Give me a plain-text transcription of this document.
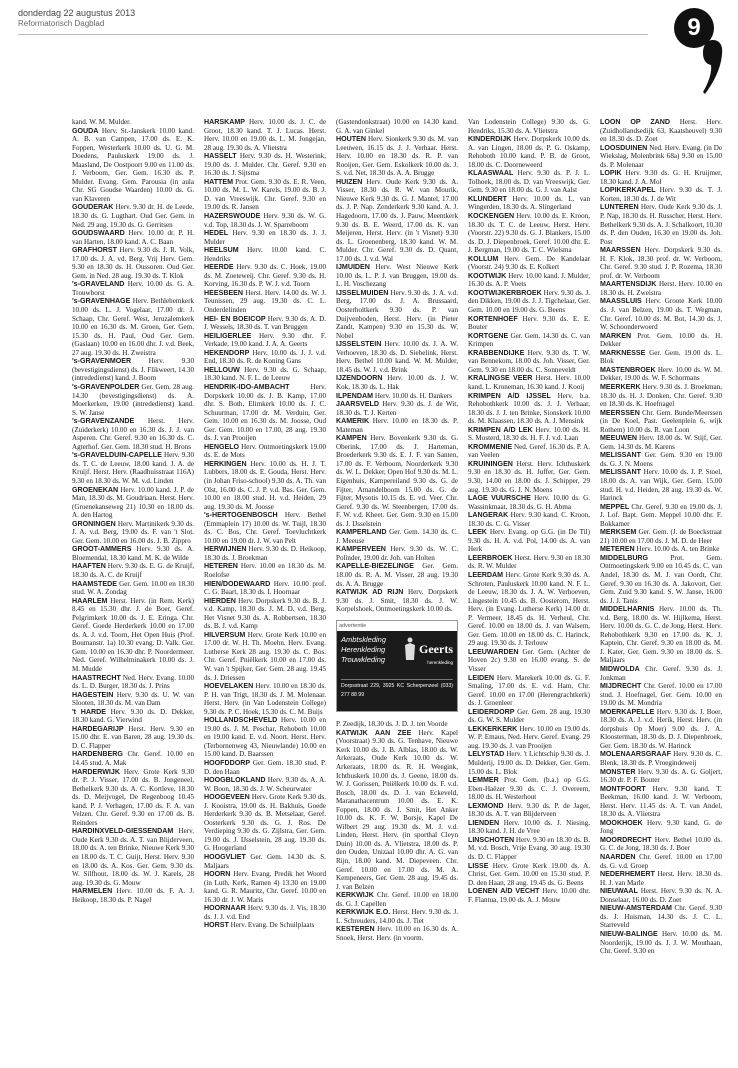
donderdag 22 augustus 2013
Reformatorisch Dagblad	9

kand. W. M. Mulder.

GOUDA Herv. St.-Janskerk 10.00 kand. A. B. van Campen, 17.00 ds. E. K. Foppen, Westerkerk 10.00 ds. U. G. M. Doedens, Pauluskerk 19.00 ds. J. Maasland, De Oostpoort 9.00 en 11.00 ds. J. Verboom, Ger. Gem. 16.30 ds. P. Mulder. Evang. Gem. Parousia (in aula Chr. SG Goudse Waarden) 10.00 ds. G. van Klaveren

GOUDERAK Herv. 9.30 dr. H. de Leede, 18.30 ds. G. Lugthart. Oud Ger. Gem. in Ned. 29 aug. 19.30 ds. G. Gerritsen

GOUDSWAARD Herv. 10.00 dr. P. H. van Harten, 18.00 kand. A. C. Baan

GRAFHORST Herv. 9.30 ds. J. R. Volk, 17.00 ds. J. A. vd. Berg. Vrij Herv. Gem. 9.30 en 18.30 ds. H. Oussoren. Oud Ger. Gem. in Ned. 28 aug. 19.30 ds. T. Klok

's-GRAVELAND Herv. 10.00 ds. G. A. Trouwborst

's-GRAVENHAGE Herv. Bethlehemkerk 10.00 ds. L. J. Vogelaar, 17.00 dr. J. Schaap, Chr. Geref. West, Jeruzalemkerk 10.00 en 16.30 ds. M. Groen, Ger. Gem. 15.30 ds. H. Paul, Oud Ger. Gem. (Gaslaan) 10.00 en 16.00 dhr. J. v.d. Beek, 27 aug. 19.30 ds. H. Zweistra

's-GRAVENMOER Herv. 9.30 (bevestigingsdienst) ds. J. Flikweert, 14.30 (intrededienst) kand. J. Boom

's-GRAVENPOLDER Ger. Gem. 28 aug. 14.30 (bevestigingsdienst) ds. A. Moerkerken, 19.00 (intrededienst) kand. S. W. Janse

's-GRAVENZANDE Herst. Herv. (Zuiderkerk) 10.00 en 16.30 ds. J. J. van Asperen. Chr. Geref. 9.30 en 16.30 ds. C. Agterhof. Ger. Gem. 18.30 stud. H. Brons

's-GRAVELDUIN-CAPELLE Herv. 9.30 ds. T. C. de Leeuw, 18.00 kand. J. A. de Kruijf. Herst. Herv. (Raadhuisstraat 116A) 9.30 en 18.30 ds. W. M. v.d. Linden

GROENEKAN Herv. 10.00 kand. J. P. de Man, 18.30 ds. M. Goudriaan. Herst. Herv. (Groenekanseweg 21) 10.30 en 18.00 ds. A. den Hartog

GRONINGEN Herv. Martinikerk 9.30 ds. J. A. v.d. Berg, 19.00 ds. F. van 't Slot. Ger. Gem. 10.00 en 16.00 ds. J. B. Zippro

GROOT-AMMERS Herv. 9.30 ds. A. Bloemendal, 18.30 kand. M. K. de Wilde

HAAFTEN Herv. 9.30 ds. E. G. de Kruijf, 18.30 ds. A. C. de Kruijf

HAAMSTEDE Ger. Gem. 10.00 en 18.30 stud. W. A. Zondag

HAARLEM Herst. Herv. (in Rem. Kerk) 8.45 en 15.30 dhr. J. de Boer, Geref. Pelgrimkerk 10.00 ds. J. E. Eringa. Chr. Geref. Goede Herderkerk 10.00 en 17.00 ds. A. J. v.d. Toorn, Het Open Huis (Prof. Boumanstr. 1a) 10.30 evang. D. Valk. Ger. Gem. 10.00 en 16.30 dhr. P. Noordermeer. Ned. Geref. Wilhelminakerk 10.00 ds. J. M. Mudde

HAASTRECHT Ned. Herv. Evang. 10.00 ds. L. D. Burger, 18.30 ds. J. Prins

HAGESTEIN Herv. 9.30 ds. U. W. van Slooten, 18.30 ds. M. van Dam

't HARDE Herv. 9.30 ds. D. Dekker, 18.30 kand. G. Vierwind

HARDEGARIJP Herst. Herv. 9.30 en 15.00 dhr. E. van Baren, 28 aug. 19.30 ds. D. C. Flapper

HARDENBERG Chr. Geref. 10.00 en 14.45 stud. A. Mak

HARDERWIJK Herv. Grote Kerk 9.30 dr. P. J. Visser, 17.00 ds. B. Jongeneel, Bethelkerk 9.30 ds. A. C. Kortleve, 18.30 ds. D. Meijvogel, De Regenboog 10.45 kand. P. J. Verhagen, 17.00 ds. F. A. van Velzen. Chr. Geref. 9.30 en 17.00 ds. B. Reinders

HARDINXVELD-GIESSENDAM Herv. Oude Kerk 9.30 ds. A. T. van Blijderveen, 18.00 ds. A. ten Brinke, Nieuwe Kerk 9.30 en 18.00 ds. T. C. Guijt, Herst. Herv. 9.30 en 18.00 ds. A. Kos. Ger. Gem. 9.30 ds. W. Silfhout, 18.00 ds. W. J. Karels, 28 aug. 19.30 ds. G. Mouw

HARMELEN Herv. 10.00 ds. F. A. J. Heikoop, 18.30 ds. P. Nagel

HARSKAMP Herv. 10.00 ds. J. C. de Groot, 18.30 kand. T. J. Lucas. Herst. Herv. 10.00 en 19.00 ds. L. M. Jongejan, 28 aug. 19.30 ds. A. Vlietstra

HASSELT Herv. 9.30 ds. H. Westerink, 19.00 ds. J. Mulder. Chr. Geref. 9.30 en 16.30 ds. J. Sijtsma

HATTEM Prot. Gem. 9.30 ds. E. R. Veen, 10.00 ds. M. L. W. Karels, 19.00 ds. B. J. D. van Vreeswijk. Chr. Geref. 9.30 en 19.00 ds. R. Jansen

HAZERSWOUDE Herv. 9.30 ds. W. G. v.d. Top, 18.30 ds. J. W. Sparreboom

HEDEL Herv. 9.30 en 18.30 ds. J. J. Mulder

HEELSUM Herv. 10.00 kand. C. Hendriks

HEERDE Herv. 9.30 ds. C. Hoek, 19.00 ds. M. Zoeteweij. Chr. Geref. 9.30 ds. H. Korving, 16.30 ds. P. W. J. v.d. Toorn

HEESBEEN Herst. Herv. 14.00 ds. W. J. Teunissen, 29 aug. 19.30 ds. C. L. Onderdelinden

HEI- EN BOEICOP Herv. 9.30 ds. A. D. J. Wessels, 18.30 ds. T. van Bruggen

HEILIGERLEE Herv. 9.30 dhr. F. Verkade, 19.00 kand. J. A. A. Geerts

HEKENDORP Herv. 10.00 ds. J. J. v.d. End, 18.30 ds. R. de Koning Gans

HELLOUW Herv. 9.30 ds. G. Schaap, 18.30 kand. N. F. L. de Leeuw

HENDRIK-IDO-AMBACHT	Herv. Dorpskerk 10.00 ds. J. B. Kamp, 17.00 dhr. S. Both, Elimkerk 10.00 ds. J. C. Schuurman, 17.00 dr. M. Verduin, Ger. Gem. 10.00 en 16.30 ds. M. Joosse, Oud Ger. Gem. 10.00 en 17.00, 28 aug. 19.30 ds. J. van Prooijen

HENGELO Herv. Ontmoetingskerk 19.00 ds. E. de Mots

HERKINGEN Herv. 10.00 ds. H. J. T. Lubbers, 18.00 ds. E. Gouda, Herst. Herv. (in Johan Friso-school) 9.30 ds. A. Th. van Olst, 16.00 ds. C. J. P. v.d. Bas. Ger. Gem. 10.00 en 18.00 stud. H. v.d. Heiden, 29 aug. 19.30 ds. M. Joosse

's-HERTOGENBOSCH Herv. Bethel (Emmaplein 17) 10.00 ds. W. Tuijl, 18.30 ds. C. Bos, Chr. Geref. Toevluchtkerk 10.00 en 19.00 dr. J. W. van Pelt

HERWIJNEN Herv. 9.30 ds. D. Heikoop, 18.30 ds. J. Broekman

HETEREN Herv. 10.00 en 18.30 ds. M. Roelofse

HIEN/DODEWAARD Herv. 10.00 prof. C. G. Baart, 18.30 ds. I. Hoornaar

HIERDEN Herv. Dorpskerk 9.30 ds. B. J. v.d. Kamp, 18.30 ds. J. M. D. v.d. Berg, Het Visnet 9.30 ds. A. Robbertsen, 18.30 ds. B. J. v.d. Kamp

HILVERSUM Herv. Grote Kerk 10.00 en 17.00 dr. W. H. Th. Moehn. Herv. Evang. Lutherse Kerk 28 aug. 19.30 ds. C. Bos. Chr. Geref. Pniëlkerk 10.00 en 17.00 ds. W. van 't Spijker, Ger. Gem. 28 aug. 19.45 ds. J. Driessen

HOEVELAKEN Herv. 10.00 en 18.30 ds. P. H. van Trigt, 18.30 ds. J. M. Molenaar. Herst. Herv. (in Van Lodenstein College) 9.30 ds. P. C. Hoek, 15.30 ds. C. M. Buijs

HOLLANDSCHEVELD Herv. 10.00 en 19.00 ds. J. M. Peschar, Rehoboth 10.00 en 19.00 kand. E. v.d. Noort. Herst. Herv. (Terbornenweg 43, Nieuwlande) 10.00 en 15.00 kand. D. Baarssen

HOOFDDORP Ger. Gem. 18.30 stud. P. D. den Haan

HOOGBLOKLAND Herv. 9.30 ds. A. A. W. Boon, 18.30 ds. J. W. Scheurwater

HOOGEVEEN Herv. Grote Kerk 9.30 ds. J. Kooistra, 19.00 ds. H. Bakhuis, Goede Herderkerk 9.30 ds. B. Metselaar, Geref. Oosterkerk 9.30 ds. G. J. Ros. De Verdieping 9.30 ds. G. Zijlstra, Ger. Gem. 19.00 ds. J. IJsselstein, 28 aug. 19.30 ds. G. Hoogerland

HOOGVLIET Ger. Gem. 14.30 ds. S. Maljaars

HOORN Herv. Evang. Predik het Woord (in Luth. Kerk, Ramen 4) 13.30 en 19.00 kand. G. R. Mauritz, Chr. Geref. 10.00 en 16.30 dr. J. W. Maris

HOORNAAR Herv. 9.30 ds. J. Vis, 18.30 ds. J. J. v.d. End

HORST Herv. Evang. De Schuilplaats

(Gastendonkstraat) 10.00 en 14.30 kand. G. A. van Ginkel

HOUTEN Herv. Sionkerk 9.30 ds. M. van Leeuwen, 16.15 ds. J. J. Verhaar. Herst. Herv. 10.00 en 18.30 ds. R. P. van Rooijen, Ger. Gem. Eskolkerk 10.00 ds. J. S. v.d. Net, 18.30 ds. A. A. Brugge

HUIZEN Herv. Oude Kerk 9.30 ds. A. Visser, 18.30 ds. R. W. van Mourik, Nieuwe Kerk 9.30 ds. G. J. Mantel, 17.00 ds. J. P. Nap. Zenderkerk 9.30 kand. A. J. Hagedoorn, 17.00 ds. J. Pauw, Meentkerk 9.30 ds. B. E. Weerd, 17.00 ds. K. van Meijeren, Herst. Herv. (in 't Visnet) 9.30 ds. L. Groenenberg, 18.30 kand. W. M. Mulder. Chr. Geref. 9.30 ds. D. Quant, 17.00 ds. J. v.d. Wal

IJMUIDEN Herv. West Nieuwe Kerk 10.00 ds. L. P. J. van Bruggen, 19.00 ds. L. H. Voschezang

IJSSELMUIDEN Herv. 9.30 ds. J. A. v.d. Berg, 17.00 ds. J. A. Brussaard, Oosterholtkerk 9.30 ds. P. van Duijvenboden, Herst. Herv. (in Pieter Zandt, Kampen) 9.30 en 15.30 ds. W. Nobel

IJSSELSTEIN Herv. 10.00 ds. J. A. W. Verhoeven, 18.30 ds. D. Siebelink, Herst. Herv. Bethel 10.00 kand. W. M. Mulder, 18.45 ds. W. J. v.d. Brink

IJZENDOORN Herv. 10.00 ds. J. W. Kok, 18.30 ds. L. Hak

ILPENDAM Herv. 10.00 ds. H. Dankers

JAARSVELD Herv. 9.30 ds. J. de Wit, 18.30 ds. T. J. Kerten

KAMERIK Herv. 10.00 en 18.30 ds. P. Mateman

KAMPEN Herv. Bovenkerk 9.30 ds. G. Oberink, 17.00 ds. J. Harteman, Broederkerk 9.30 ds. E. J. F. van Santen, 17.00 ds. F. Verboom, Noorderkerk 9.30 ds. W. L. Dekker, Open Hof 9.30 ds. M. L. Eigenhuis, Kampereiland 9.30 ds. G. de Fijter, Amandelboom 15.00 ds. G. de Fijter, Mysotis 10.15 ds. E. vd. Veer. Chr. Geref. 9.30 ds. W. Steenbergen, 17.00 ds. F. W. v.d. Kheet. Ger. Gem. 9.30 en 15.00 ds. J. IJsselstein

KAMPERLAND Ger. Gem. 14.30 ds. C. J. Meeuse

KAMPERVEEN Herv. 9.30 ds. W. C. Polinder, 19.00 dr. Joh. van Holten

KAPELLE-BIEZELINGE Ger. Gem. 18.00 ds. R. A. M. Visser, 28 aug. 19.30 ds. A. A. Brugge

KATWIJK AD RIJN Herv. Dorpskerk 9.30 ds. J. Smit, 18.30 ds. J. W. Korpelshoek, Ontmoetingskerk 10.00 ds.

advertentie
Ambtskleding
Herenkleding
Trouwkleding
Geerts
herenkleding
Dorpsstraat 229, 3925 KC Scherpenzeel (033) 277 88 99

P. Zeedijk, 18.30 ds. J. D. J. ten Voorde

KATWIJK AAN ZEE Herv. Kapel (Voorstraat) 9.30 ds. G. Tenhave, Nieuwe Kerk 10.00 ds. J. B. Alblas, 18.00 ds. W. Arkeraats, Oude Kerk 10.00 ds. W. Arkeraats, 18.00 ds. R. H. Weegink, Ichthuskerk 10.00 ds. J. Geene, 18.00 ds. W. J. Gorissen, Pniëlkerk 10.00 ds. F. v.d. Bosch, 18.00 ds. D. J. van Eckeveld, Maranathacentrum 10.00 ds. E. K. Foppen, 18.00 ds. J. Smit, Het Anker 10.00 ds. K. F. W. Borsje, Kapel De Wilbert 29 aug. 19.30 ds. M. J. v.d. Linden, Herst. Herv. (in sporthal Cleyn Duin) 10.00 ds. A. Vlietstra, 18.00 ds. P. den Ouden, Unizaal 10.00 dhr. A. G. van Rijn, 18.00 kand. M. Diepeveen. Chr. Geref. 10.00 en 17.00 ds. M. A. Kempeneers, Ger. Gem. 28 aug. 19.45 ds. J. van Belzen

KERKWIJK Chr. Geref. 10.00 en 18.00 ds. G. J. Capellen

KERKWIJK E.O. Herst. Herv. 9.30 ds. J. L. Schreuders, 14.00 ds. J. Tiet

KESTEREN Herv. 10.00 en 16.30 ds. A. Snoek, Herst. Herv. (in voorm.

Van Lodenstein College) 9.30 ds. G. Hendriks, 15.30 ds. A. Vlietstra

KINDERDIJK Herv. Dorpskerk 10.00 ds. A. van Lingen, 18.00 ds. P. G. Oskamp, Rehoboth 10.00 kand. P. B. de Groot, 18.00 ds. C. Doorneweerd

KLAASWAAL Herv. 9.30 ds. P. J. L. Tolhoek, 18.00 ds. D. van Vreeswijk, Ger. Gem. 9.30 en 18.00 ds. G. J. van Aalst

KLUNDERT Herv. 10.00 ds. L. van Wingerden, 18.30 ds. A. Slingerland

KOCKENGEN Herv. 10.00 ds. E. Kroon, 18.30 ds. T. C. de Leeuw, Herst. Herv. (Voorstr. 22) 9.30 ds. G. J. Blankers, 15.00 ds. D. J. Diepenbroek, Geref. 10.00 dhr. E. J. Bergman, 19.00 ds. T. C. Wielsma

KOLLUM Herv. Gem. De Kandelaar (Voorstr. 24) 9.30 ds. E. Kolkert

KOOTWIJK Herv. 10.00 kand. J. Mulder, 16.30 ds. A. P. Voets

KOOTWIJKERBROEK Herv. 9.30 ds. J. den Dikken, 19.00 ds. J. J. Tigchelaar, Ger. Gem. 10.00 en 19.00 ds. G. Beens

KORTENHOEF Herv. 9.30 ds. E. E. Bouter

KORTGENE Ger. Gem. 14.30 ds. C. van Krimpen

KRABBENDIJKE Herv. 9.30 ds. T. W. van Bennekom, 18.00 ds. Joh. Visser, Ger. Gem. 9.30 en 18.00 ds. C. Sonneveldt

KRALINGSE VEER Herst. Herv. 10.00 kand. L. Kroneman, 16.30 kand. J. Kooij

KRIMPEN A/D IJSSEL Herv. b.a. Rehobothkerk 10.00 ds. J. J. Verhaar, 18.30 ds. J. J. ten Brinke, Sionskerk 10.00 ds. M. Klaassen, 18.30 ds. A. J. Mensink

KRIMPEN A/D LEK Herv. 10.00 ds. H. S. Mosterd, 18.30 ds. H. F. J. v.d. Laan

KROMMENIE Ned. Geref. 16.30 ds. P. A. van Veelen

KRUININGEN Herst. Herv. Ichthuskerk 9.30 en 18.30 ds. H. Juffer, Ger. Gem. 9.30, 14.00 en 18.00 ds. J. Schipper, 29 aug. 19.30 ds. G. J. N. Moens

LAGE VUURSCHE Herv. 10.00 ds. G. Wassinkmaat, 18.30 ds. G. H. Abma

LANGERAK Herv. 9.30 kand. C. Kroon, 18.30 ds. C. G. Visser

LEEK Herv. Evang. op G.G. (in De Til) 9.30 ds. H. A. v.d. Pol, 14.00 ds. A. van Herk

LEERBROEK Herst. Herv. 9.30 en 18.30 ds. R. W. Mulder

LEERDAM Herv. Grote Kerk 9.30 ds. A. Schroten, Pauluskerk 10.00 kand. N. F. L. de Leeuw, 18.30 ds. J. A. W. Verhoeven, Lingestein 10.45 ds. B. Oosterom, Herst. Herv. (in Evang. Lutherse Kerk) 14.00 dr. P. Vermeer, 18.45 ds. H. Verheul, Chr. Geref. 10.00 en 18.00 ds. J. van Walsem, Ger. Gem. 10.00 en 18.00 ds. C. Harinck, 29 aug. 19.30 ds. J. Terlouw

LEEUWARDEN Ger. Gem. (Achter de Hoven 2c) 9.30 en 16.00 evang. S. de Visser

LEIDEN Herv. Marekerk 10.00 ds. G. F. Smaling, 17.00 ds. E. v.d. Ham, Chr. Geref. 10.00 en 17.00 (Herengrachtkerk) ds. J. Groenleer

LEIDERDORP Ger. Gem. 28 aug. 19.30 ds. G. W. S. Mulder

LEKKERKERK Herv. 10.00 en 19.00 ds. W. P. Emaus, Ned. Herv. Geref. Evang. 29 aug. 19.30 ds. J. van Prooijen

LELYSTAD Herv. 't Lichtschip 9.30 ds. J. Mulderij, 19.00 ds. D. Dekker, Ger. Gem. 15.00 ds. L. Blok

LEMMER Prot. Gem. (b.a.) op G.G. Eben-Haëzer 9.30 ds. C. J. Overeem, 18.00 ds. H. Westerhout

LEXMOND Herv. 9.30 ds. P. de Jager, 18.30 ds. A. T. van Blijderveen

LIENDEN Herv. 10.00 ds. J. Niesing, 18.30 kand. J. H. de Vree

LINSCHOTEN Herv. 9.30 en 18.30 ds. B. M. v.d. Bosch, Vrije Evang. 30 aug. 19.30 ds. D. C. Flapper

LISSE Herv. Grote Kerk 19.00 ds. A. Christ, Ger. Gem. 10.00 en 15.30 stud. P. D. den Haan, 28 aug. 19.45 ds. G. Beens

LOENEN A/D VECHT Herv. 10.00 dhr. F. Flantua, 19.00 ds. A. J. Mouw

LOON OP ZAND Herst. Herv. (Zuidhollandsedijk 63, Kaatsheuvel) 9.30 en 18.30 ds. D. Zoet

LOOSDUINEN Ned. Herv. Evang. (in De Wiekslag, Molenbrink 68a) 9.30 en 15.00 ds. P. Molenaar

LOPIK Herv. 9.30 ds. G. H. Kruijmer, 18.30 kand. J. A. Mol

LOPIKERKAPEL Herv. 9.30 ds. T. J. Korten, 18.30 ds. J. de Wit

LUNTEREN Herv. Oude Kerk 9.30 ds. J. P. Nap, 18.30 ds. H. Russcher, Herst. Herv. Bethelkerk 9.30 ds. A. J. Schalkoort, 10.30 ds. P. den Ouden, 16.30 en 19.00 ds. Joh. Post

MAARSSEN Herv. Dorpskerk 9.30 ds. H. F. Klok, 18.30 prof. dr. W. Verboom, Chr. Geref. 9.30 stud. J. P. Rozema, 18.30 prof. dr. W. Verboom

MAARTENSDIJK Herst. Herv. 10.00 en 18.30 ds. H. Zweistra

MAASSLUIS Herv. Groote Kerk 10.00 ds. J. van Belzen, 19.00 ds. T. Wegman, Chr. Geref. 10.00 ds. M. Bot, 14.30 ds. J. W. Schoonderwoerd

MARKEN Prot. Gem. 10.00 ds. H. Dekker

MARKNESSE Ger. Gem. 19.00 ds. L. Blok

MASTENBROEK Herv. 10.00 ds. W. M. Dekker, 19.00 ds. W. F. Schormans

MEERKERK Herv. 9.30 ds. J. Broekman, 18.30 ds. H. J. Donken, Chr. Geref. 9.30 en 18.30 ds. K. Hoefnagel

MEERSSEN Chr. Gem. Bunde/Meerssen (in De Koel, Past. Geelenplein 6, wijk Rothem) 10.00 ds. R. van Loon

MEEUWEN Herv. 18.00 ds. W. Stijf, Ger. Gem. 14.30 ds. M. Karens

MELISSANT Ger. Gem. 9.30 en 19.00 ds. G. J. N. Moens

MELISSANT Herv. 10.00 ds. J. P. Stoel, 18.00 ds. A. van Wijk, Ger. Gem. 15.00 stud. H. v.d. Heiden, 28 aug. 19.30 ds. W. Harinck

MEPPEL Chr. Geref. 9.30 en 19.00 ds. J. J. Lof. Bapt. Gem. Meppel 10.00 dhr. F. Bokkamer

MERKSEM Ger. Gem. (J. de Boeckstraat 21) 10.00 en 17.00 ds. J. M. D. de Heer

METEREN Herv. 10.00 ds. A. ten Brinke

MIDDELBURG	Prot. Gem. Ontmoetingskerk 9.00 en 10.45 ds. C. van Andel, 18.30 ds. M. J. van Oordt, Chr. Geref. 9.30 en 16.30 ds. A. Jakovort, Ger. Gem. Zuid 9.30 kand. S. W. Janse, 16.00 ds. J. J. Tanis

MIDDELHARNIS Herv. 10.00 ds. Th. v.d. Berg, 18.00 ds. W. Hijlkema, Herst. Herv. 10.00 ds. G. C. de Jong, Herst. Herv. Rehobothkerk 9.30 en 17.00 ds. K. J. Kaptein, Chr. Geref. 9.30 en 18.00 ds. M. J. Kater, Ger. Gem. 9.30 en 18.00 ds. S. Maljaars

MIDWOLDA Chr. Geref. 9.30 ds. J. Jonkman

MIJDRECHT Chr. Geref. 10.00 en 17.00 stud. J. Hoefnagel, Ger. Gem. 10.00 en 19.00 ds. M. Mondria

MOERKAPELLE Herv. 9.30 ds. J. Boer, 18.30 ds. A. J. v.d. Herik, Herst. Herv. (in dorpshuis Op Moer) 9.00 ds. J. A. Kloosterman, 18.30 ds. D. J. Diepenbroek, Ger. Gem. 18.30 ds. W. Harinck

MOLENAARSGRAAF Herv. 9.30 ds. C. Blenk, 18.30 ds. P. Vroegindeweij

MONSTER Herv. 9.30 ds. A. G. Goljert, 16.30 dr. P. F. Bouter

MONTFOORT Herv. 9.30 kand. T. Beekman, 16.00 kand. J. W. Verboom, Herst. Herv. 11.45 ds. A. T. van Andel, 18.30 ds. A. Vlietstra

MOOKHOEK Herv. 9.30 kand. G. de Jong

MOORDRECHT Herv. Bethel 10.00 ds. G. C. de Jong, 18.30 ds. J. Boer

NAARDEN Chr. Geref. 10.00 en 17.00 ds. G. v.d. Groep

NEDERHEMERT Herst. Herv. 18.30 ds. H. J. van Marle

NIEUWAAL Herst. Herv. 9.30 ds. N. A. Donselaar, 16.00 ds. D. Zoet

NIEUW-AMSTERDAM Chr. Geref. 9.30 ds. J. Huisman, 14.30 ds. J. C. L. Starreveld

NIEUW-BALINGE Herv. 10.00 ds. M. Noorderijk, 19.00 ds. J. J. W. Mouthaan, Chr. Geref. 9.30 en
